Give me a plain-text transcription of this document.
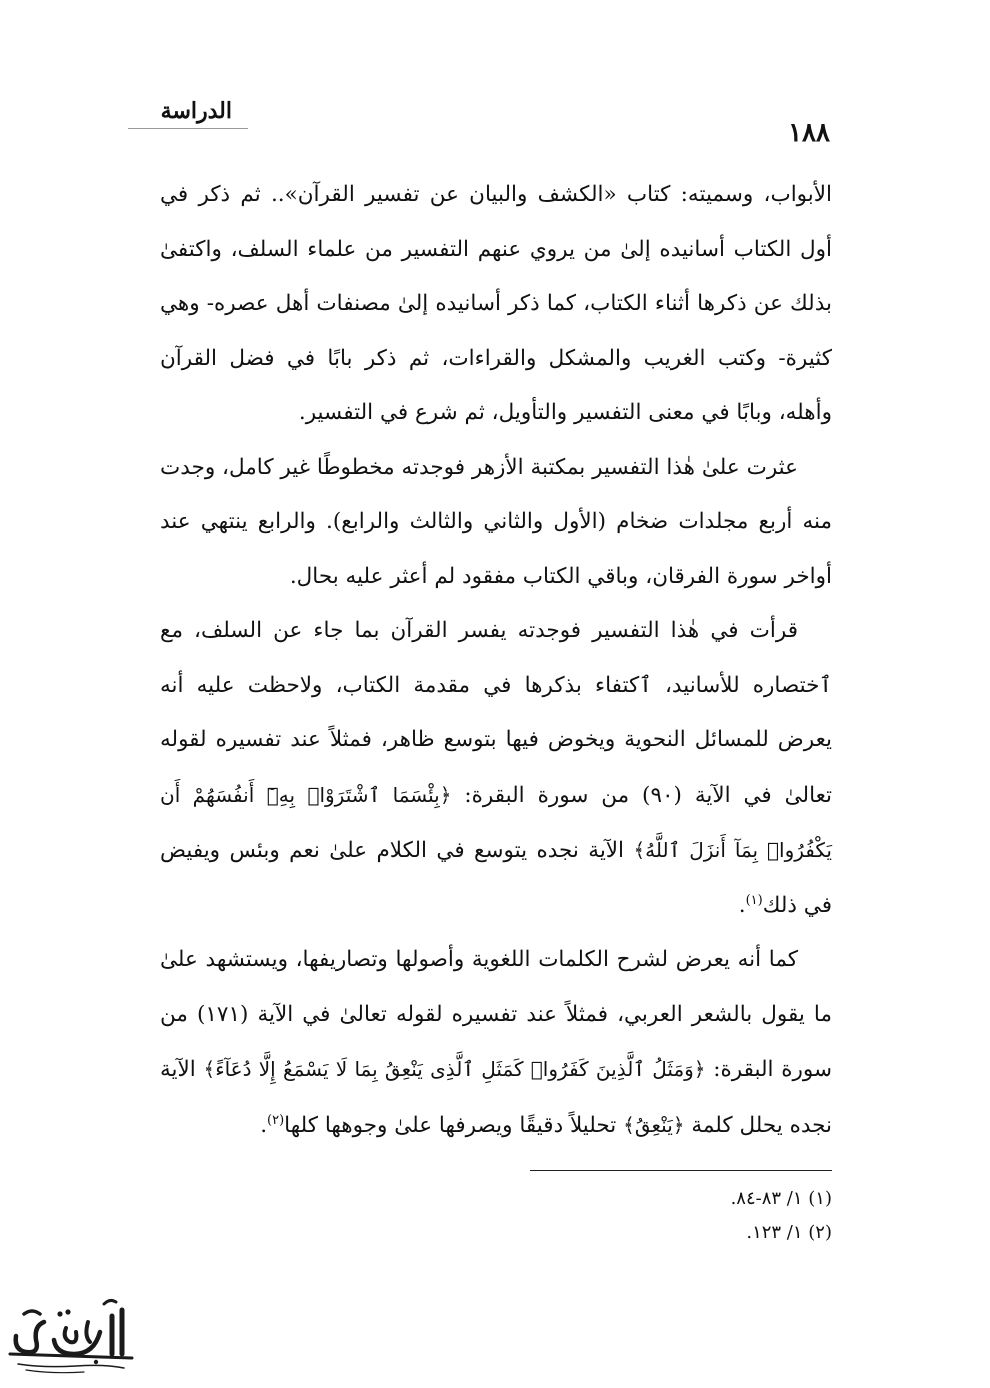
الدراسة
١٨٨

الأبواب، وسميته: كتاب «الكشف والبيان عن تفسير القرآن».. ثم ذكر في أول الكتاب أسانيده إلىٰ من يروي عنهم التفسير من علماء السلف، واكتفىٰ بذلك عن ذكرها أثناء الكتاب، كما ذكر أسانيده إلىٰ مصنفات أهل عصره- وهي كثيرة- وكتب الغريب والمشكل والقراءات، ثم ذكر بابًا في فضل القرآن وأهله، وبابًا في معنى التفسير والتأويل، ثم شرع في التفسير.

عثرت علىٰ هٰذا التفسير بمكتبة الأزهر فوجدته مخطوطًا غير كامل، وجدت منه أربع مجلدات ضخام (الأول والثاني والثالث والرابع). والرابع ينتهي عند أواخر سورة الفرقان، وباقي الكتاب مفقود لم أعثر عليه بحال.

قرأت في هٰذا التفسير فوجدته يفسر القرآن بما جاء عن السلف، مع ٱختصاره للأسانيد، ٱكتفاء بذكرها في مقدمة الكتاب، ولاحظت عليه أنه يعرض للمسائل النحوية ويخوض فيها بتوسع ظاهر، فمثلاً عند تفسيره لقوله تعالىٰ في الآية (٩٠) من سورة البقرة: ﴿بِئْسَمَا ٱشْتَرَوْا۟ بِهِۦٓ أَنفُسَهُمْ أَن يَكْفُرُوا۟ بِمَآ أَنزَلَ ٱللَّهُ﴾ الآية نجده يتوسع في الكلام علىٰ نعم وبئس ويفيض في ذلك$^{(١)}$.

كما أنه يعرض لشرح الكلمات اللغوية وأصولها وتصاريفها، ويستشهد علىٰ ما يقول بالشعر العربي، فمثلاً عند تفسيره لقوله تعالىٰ في الآية (١٧١) من سورة البقرة: ﴿وَمَثَلُ ٱلَّذِينَ كَفَرُوا۟ كَمَثَلِ ٱلَّذِى يَنْعِقُ بِمَا لَا يَسْمَعُ إِلَّا دُعَآءً﴾ الآية نجده يحلل كلمة ﴿يَنْعِقُ﴾ تحليلاً دقيقًا ويصرفها علىٰ وجوهها كلها$^{(٢)}$.

(١) ١/ ٨٣-٨٤.
(٢) ١/ ١٢٣.
